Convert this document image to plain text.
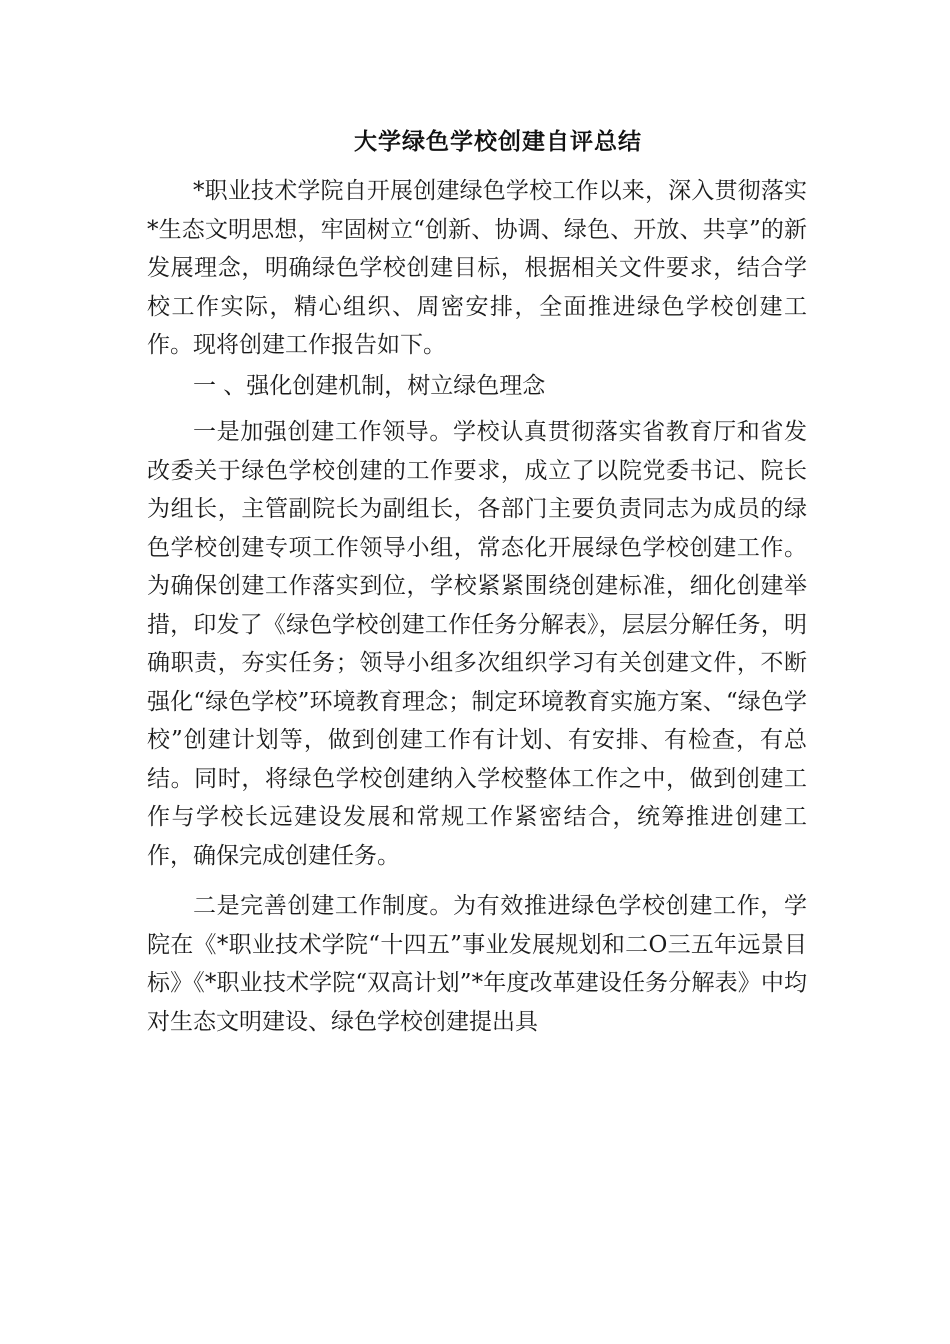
大学绿色学校创建自评总结

*职业技术学院自开展创建绿色学校工作以来，深入贯彻落实*生态文明思想，牢固树立“创新、协调、绿色、开放、共享”的新发展理念，明确绿色学校创建目标，根据相关文件要求，结合学校工作实际，精心组织、周密安排，全面推进绿色学校创建工作。现将创建工作报告如下。

一 、强化创建机制，树立绿色理念

一是加强创建工作领导。学校认真贯彻落实省教育厅和省发改委关于绿色学校创建的工作要求，成立了以院党委书记、院长为组长，主管副院长为副组长，各部门主要负责同志为成员的绿色学校创建专项工作领导小组，常态化开展绿色学校创建工作。为确保创建工作落实到位，学校紧紧围绕创建标准，细化创建举措，印发了《绿色学校创建工作任务分解表》，层层分解任务，明确职责，夯实任务；领导小组多次组织学习有关创建文件，不断强化“绿色学校”环境教育理念；制定环境教育实施方案、“绿色学校”创建计划等，做到创建工作有计划、有安排、有检查，有总结。同时，将绿色学校创建纳入学校整体工作之中，做到创建工作与学校长远建设发展和常规工作紧密结合，统筹推进创建工作，确保完成创建任务。

二是完善创建工作制度。为有效推进绿色学校创建工作，学院在《*职业技术学院“十四五”事业发展规划和二O三五年远景目标》《*职业技术学院“双高计划”*年度改革建设任务分解表》中均对生态文明建设、绿色学校创建提出具
